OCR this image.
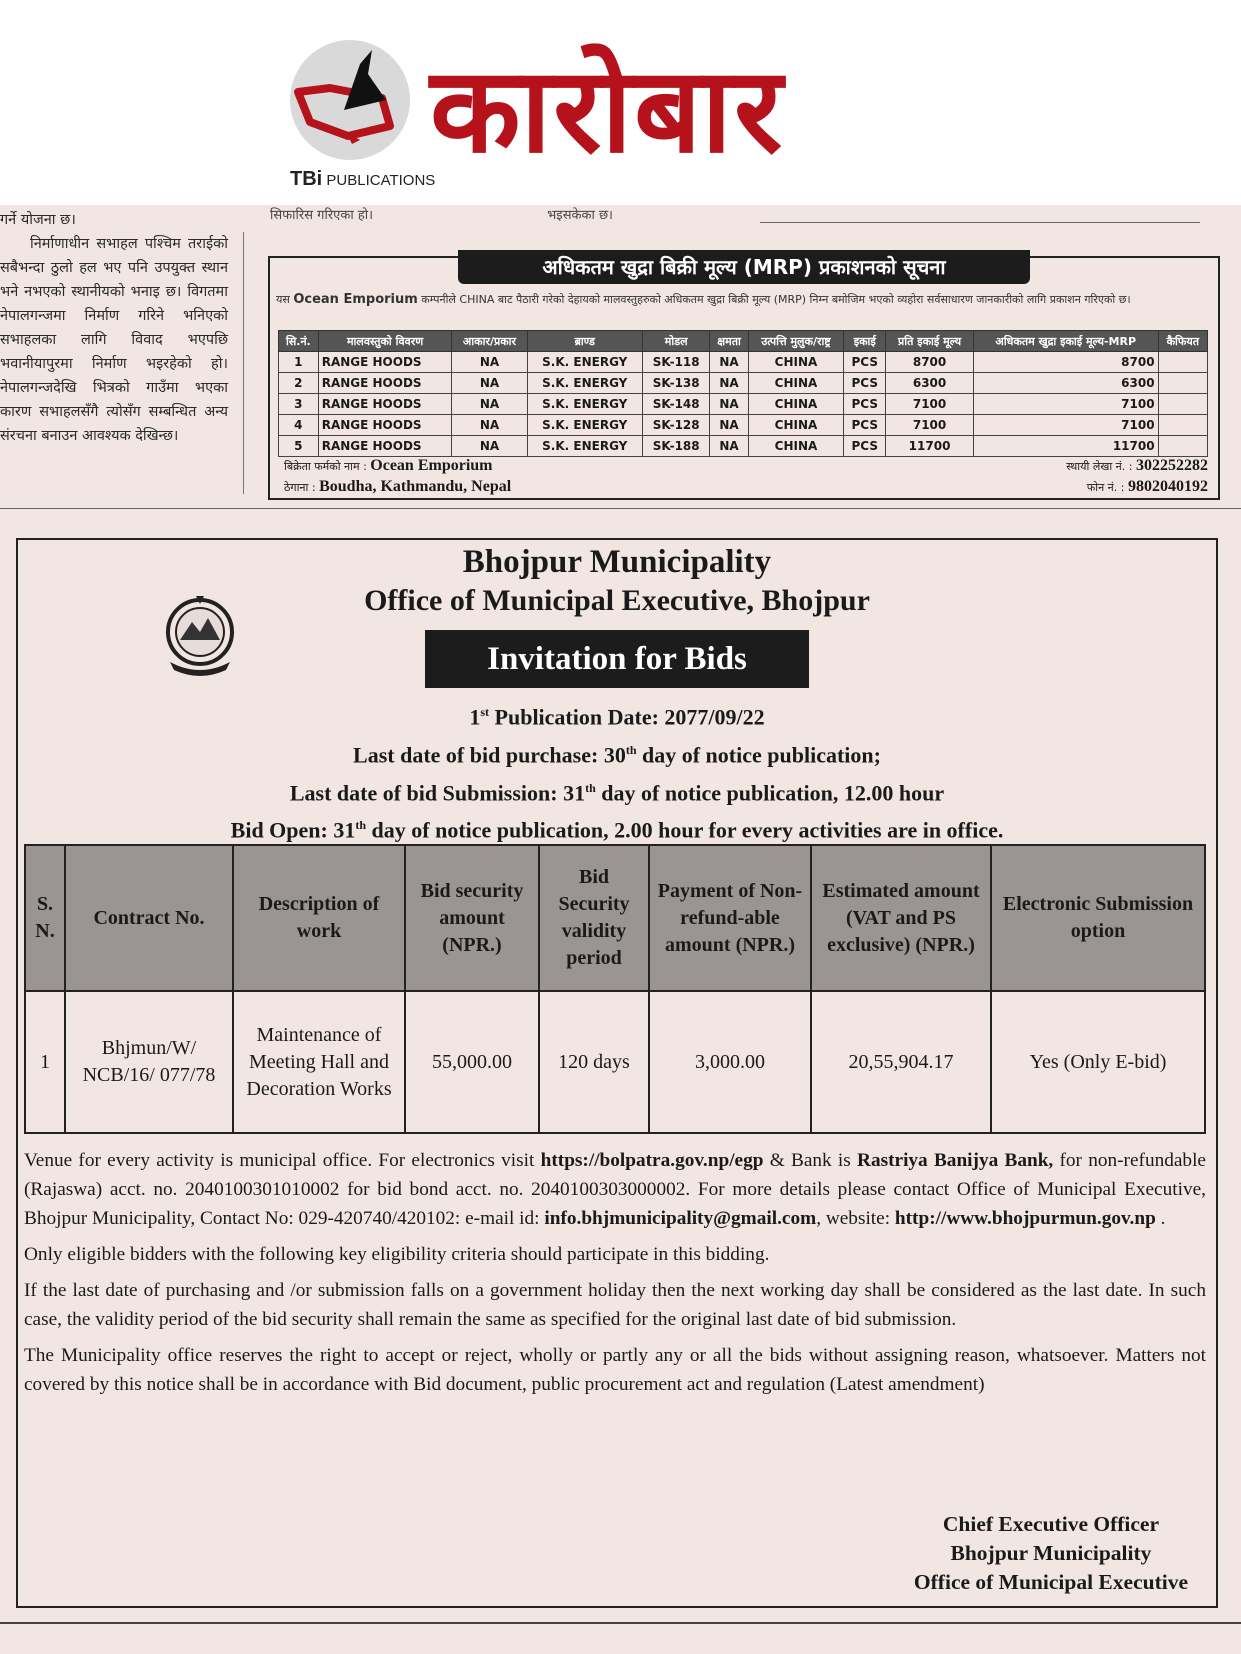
TBi PUBLICATIONS
कारोबार
सिफारिस गरिएका हो।	भइसकेका छ।

गर्ने योजना छ।

निर्माणाधीन सभाहल पश्चिम तराईको सबैभन्दा ठुलो हल भए पनि उपयुक्त स्थान भने नभएको स्थानीयको भनाइ छ। विगतमा नेपालगन्जमा निर्माण गरिने भनिएको सभाहलका लागि विवाद भएपछि भवानीयापुरमा निर्माण भइरहेको हो। नेपालगन्जदेखि भित्रको गाउँमा भएका कारण सभाहलसँगै त्योसँग सम्बन्धित अन्य संरचना बनाउन आवश्यक देखिन्छ।

अधिकतम खुद्रा बिक्री मूल्य (MRP) प्रकाशनको सूचना
यस Ocean Emporium कम्पनीले CHINA बाट पैठारी गरेको देहायको मालवस्तुहरुको अधिकतम खुद्रा बिक्री मूल्य (MRP) निम्न बमोजिम भएको व्यहोरा सर्वसाधारण जानकारीको लागि प्रकाशन गरिएको छ।
सि.नं.	मालवस्तुको विवरण	आकार/प्रकार	ब्राण्ड	मोडल	क्षमता	उत्पत्ति मुलुक/राष्ट्र	इकाई	प्रति इकाई मूल्य	अधिकतम खुद्रा इकाई मूल्य-MRP	कैफियत
1	RANGE HOODS	NA	S.K. ENERGY	SK-118	NA	CHINA	PCS	8700	8700	
2	RANGE HOODS	NA	S.K. ENERGY	SK-138	NA	CHINA	PCS	6300	6300	
3	RANGE HOODS	NA	S.K. ENERGY	SK-148	NA	CHINA	PCS	7100	7100	
4	RANGE HOODS	NA	S.K. ENERGY	SK-128	NA	CHINA	PCS	7100	7100	
5	RANGE HOODS	NA	S.K. ENERGY	SK-188	NA	CHINA	PCS	11700	11700	
बिक्रेता फर्मको नाम : Ocean Emporium
ठेगाना : Boudha, Kathmandu, Nepal
स्थायी लेखा नं. : 302252282
फोन नं. : 9802040192
Bhojpur Municipality
Office of Municipal Executive, Bhojpur
Invitation for Bids
1st Publication Date: 2077/09/22
Last date of bid purchase: 30th day of notice publication;
Last date of bid Submission: 31th day of notice publication, 12.00 hour
Bid Open: 31th day of notice publication, 2.00 hour for every activities are in office.
S. N.	Contract No.	Description of work	Bid security amount (NPR.)	Bid Security validity period	Payment of Non-refund-able amount (NPR.)	Estimated amount (VAT and PS exclusive) (NPR.)	Electronic Submission option
1	Bhjmun/W/ NCB/16/ 077/78	Maintenance of Meeting Hall and Decoration Works	55,000.00	120 days	3,000.00	20,55,904.17	Yes (Only E-bid)

Venue for every activity is municipal office. For electronics visit https://bolpatra.gov.np/egp & Bank is Rastriya Banijya Bank, for non-refundable (Rajaswa) acct. no. 2040100301010002 for bid bond acct. no. 2040100303000002. For more details please contact Office of Municipal Executive, Bhojpur Municipality, Contact No: 029-420740/420102: e-mail id: info.bhjmunicipality@gmail.com, website: http://www.bhojpurmun.gov.np .

Only eligible bidders with the following key eligibility criteria should participate in this bidding.

If the last date of purchasing and /or submission falls on a government holiday then the next working day shall be considered as the last date. In such case, the validity period of the bid security shall remain the same as specified for the original last date of bid submission.

The Municipality office reserves the right to accept or reject, wholly or partly any or all the bids without assigning reason, whatsoever. Matters not covered by this notice shall be in accordance with Bid document, public procurement act and regulation (Latest amendment)

Chief Executive Officer
Bhojpur Municipality
Office of Municipal Executive
